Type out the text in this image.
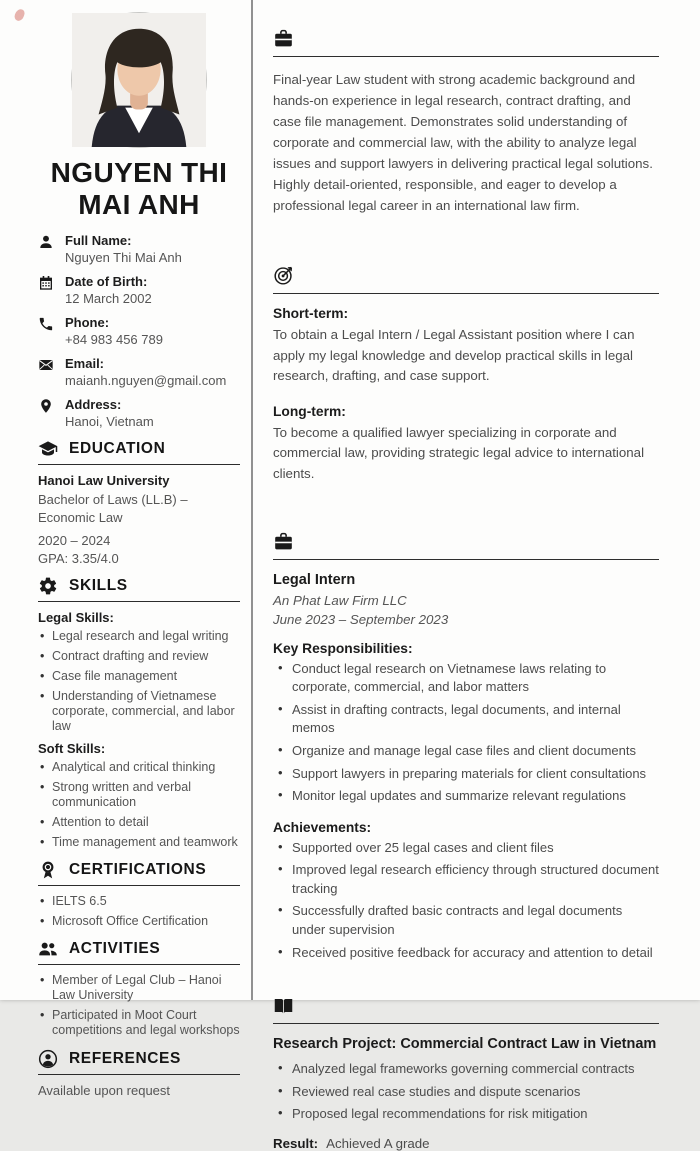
NGUYEN THI MAI ANH
Full Name:
Nguyen Thi Mai Anh
Date of Birth:
12 March 2002
Phone:
+84 983 456 789
Email:
maianh.nguyen@gmail.com
Address:
Hanoi, Vietnam
EDUCATION
Hanoi Law University
Bachelor of Laws (LL.B) – Economic Law
2020 – 2024
GPA: 3.35/4.0
SKILLS
Legal Skills:
• Legal research and legal writing
• Contract drafting and review
• Case file management
• Understanding of Vietnamese corporate, commercial, and labor law
Soft Skills:
• Analytical and critical thinking
• Strong written and verbal communication
• Attention to detail
• Time management and teamwork
CERTIFICATIONS
• IELTS 6.5
• Microsoft Office Certification
ACTIVITIES
• Member of Legal Club – Hanoi Law University
• Participated in Moot Court competitions and legal workshops
REFERENCES
Available upon request

Final-year Law student with strong academic background and hands-on experience in legal research, contract drafting, and case file management. Demonstrates solid understanding of corporate and commercial law, with the ability to analyze legal issues and support lawyers in delivering practical legal solutions. Highly detail-oriented, responsible, and eager to develop a professional legal career in an international law firm.

Short-term:

To obtain a Legal Intern / Legal Assistant position where I can apply my legal knowledge and develop practical skills in legal research, drafting, and case support.

Long-term:

To become a qualified lawyer specializing in corporate and commercial law, providing strategic legal advice to international clients.

Legal Intern
An Phat Law Firm LLC
June 2023 – September 2023
Key Responsibilities:
• Conduct legal research on Vietnamese laws relating to corporate, commercial, and labor matters
• Assist in drafting contracts, legal documents, and internal memos
• Organize and manage legal case files and client documents
• Support lawyers in preparing materials for client consultations
• Monitor legal updates and summarize relevant regulations
Achievements:
• Supported over 25 legal cases and client files
• Improved legal research efficiency through structured document tracking
• Successfully drafted basic contracts and legal documents under supervision
• Received positive feedback for accuracy and attention to detail
Research Project: Commercial Contract Law in Vietnam
• Analyzed legal frameworks governing commercial contracts
• Reviewed real case studies and dispute scenarios
• Proposed legal recommendations for risk mitigation
Result: Achieved A grade
